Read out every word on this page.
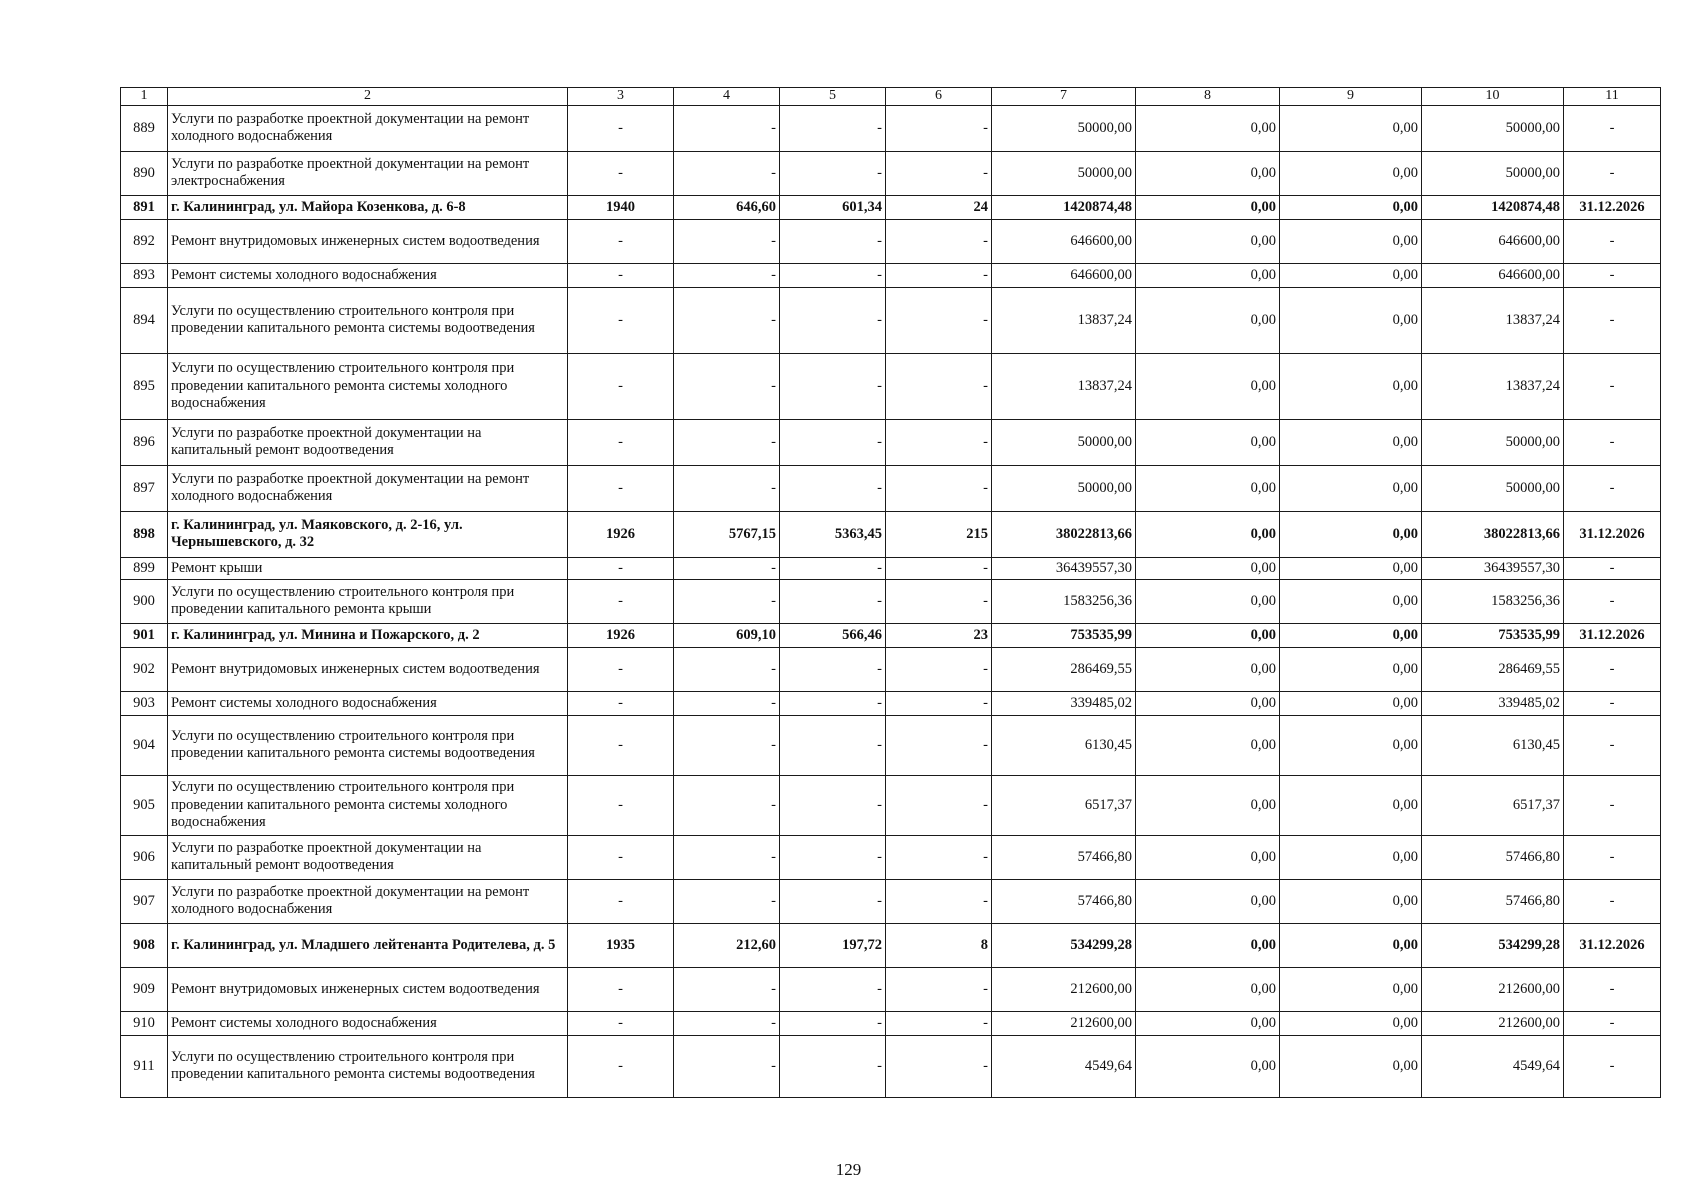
1	2	3	4	5	6	7	8	9	10	11
889	Услуги по разработке проектной документации на ремонт холодного водоснабжения	-	-	-	-	50000,00	0,00	0,00	50000,00	-
890	Услуги по разработке проектной документации на ремонт электроснабжения	-	-	-	-	50000,00	0,00	0,00	50000,00	-
891	г. Калининград, ул. Майора Козенкова, д. 6-8	1940	646,60	601,34	24	1420874,48	0,00	0,00	1420874,48	31.12.2026
892	Ремонт внутридомовых инженерных систем водоотведения	-	-	-	-	646600,00	0,00	0,00	646600,00	-
893	Ремонт системы холодного водоснабжения	-	-	-	-	646600,00	0,00	0,00	646600,00	-
894	Услуги по осуществлению строительного контроля при проведении капитального ремонта системы водоотведения	-	-	-	-	13837,24	0,00	0,00	13837,24	-
895	Услуги по осуществлению строительного контроля при проведении капитального ремонта системы холодного водоснабжения	-	-	-	-	13837,24	0,00	0,00	13837,24	-
896	Услуги по разработке проектной документации на капитальный ремонт водоотведения	-	-	-	-	50000,00	0,00	0,00	50000,00	-
897	Услуги по разработке проектной документации на ремонт холодного водоснабжения	-	-	-	-	50000,00	0,00	0,00	50000,00	-
898	г. Калининград, ул. Маяковского, д. 2-16, ул. Чернышевского, д. 32	1926	5767,15	5363,45	215	38022813,66	0,00	0,00	38022813,66	31.12.2026
899	Ремонт крыши	-	-	-	-	36439557,30	0,00	0,00	36439557,30	-
900	Услуги по осуществлению строительного контроля при проведении капитального ремонта крыши	-	-	-	-	1583256,36	0,00	0,00	1583256,36	-
901	г. Калининград, ул. Минина и Пожарского, д. 2	1926	609,10	566,46	23	753535,99	0,00	0,00	753535,99	31.12.2026
902	Ремонт внутридомовых инженерных систем водоотведения	-	-	-	-	286469,55	0,00	0,00	286469,55	-
903	Ремонт системы холодного водоснабжения	-	-	-	-	339485,02	0,00	0,00	339485,02	-
904	Услуги по осуществлению строительного контроля при проведении капитального ремонта системы водоотведения	-	-	-	-	6130,45	0,00	0,00	6130,45	-
905	Услуги по осуществлению строительного контроля при проведении капитального ремонта системы холодного водоснабжения	-	-	-	-	6517,37	0,00	0,00	6517,37	-
906	Услуги по разработке проектной документации на капитальный ремонт водоотведения	-	-	-	-	57466,80	0,00	0,00	57466,80	-
907	Услуги по разработке проектной документации на ремонт холодного водоснабжения	-	-	-	-	57466,80	0,00	0,00	57466,80	-
908	г. Калининград, ул. Младшего лейтенанта Родителева, д. 5	1935	212,60	197,72	8	534299,28	0,00	0,00	534299,28	31.12.2026
909	Ремонт внутридомовых инженерных систем водоотведения	-	-	-	-	212600,00	0,00	0,00	212600,00	-
910	Ремонт системы холодного водоснабжения	-	-	-	-	212600,00	0,00	0,00	212600,00	-
911	Услуги по осуществлению строительного контроля при проведении капитального ремонта системы водоотведения	-	-	-	-	4549,64	0,00	0,00	4549,64	-
129
